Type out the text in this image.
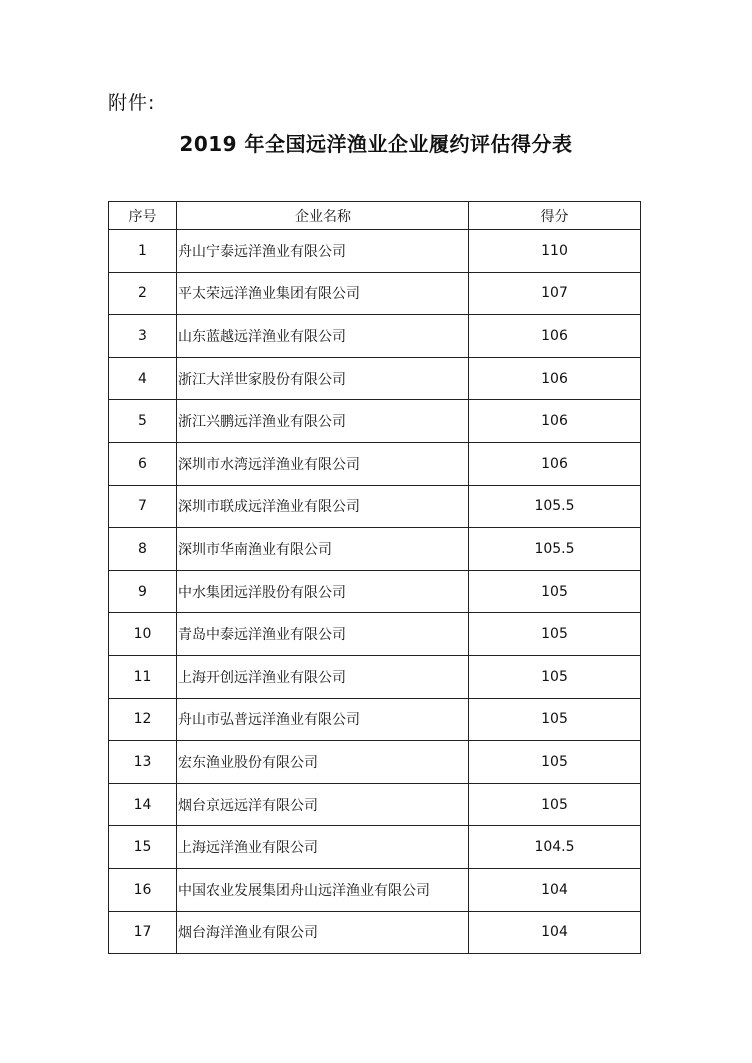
附件:
2019 年全国远洋渔业企业履约评估得分表
序号	企业名称	得分
1	舟山宁泰远洋渔业有限公司	110
2	平太荣远洋渔业集团有限公司	107
3	山东蓝越远洋渔业有限公司	106
4	浙江大洋世家股份有限公司	106
5	浙江兴鹏远洋渔业有限公司	106
6	深圳市水湾远洋渔业有限公司	106
7	深圳市联成远洋渔业有限公司	105.5
8	深圳市华南渔业有限公司	105.5
9	中水集团远洋股份有限公司	105
10	青岛中泰远洋渔业有限公司	105
11	上海开创远洋渔业有限公司	105
12	舟山市弘普远洋渔业有限公司	105
13	宏东渔业股份有限公司	105
14	烟台京远远洋有限公司	105
15	上海远洋渔业有限公司	104.5
16	中国农业发展集团舟山远洋渔业有限公司	104
17	烟台海洋渔业有限公司	104
